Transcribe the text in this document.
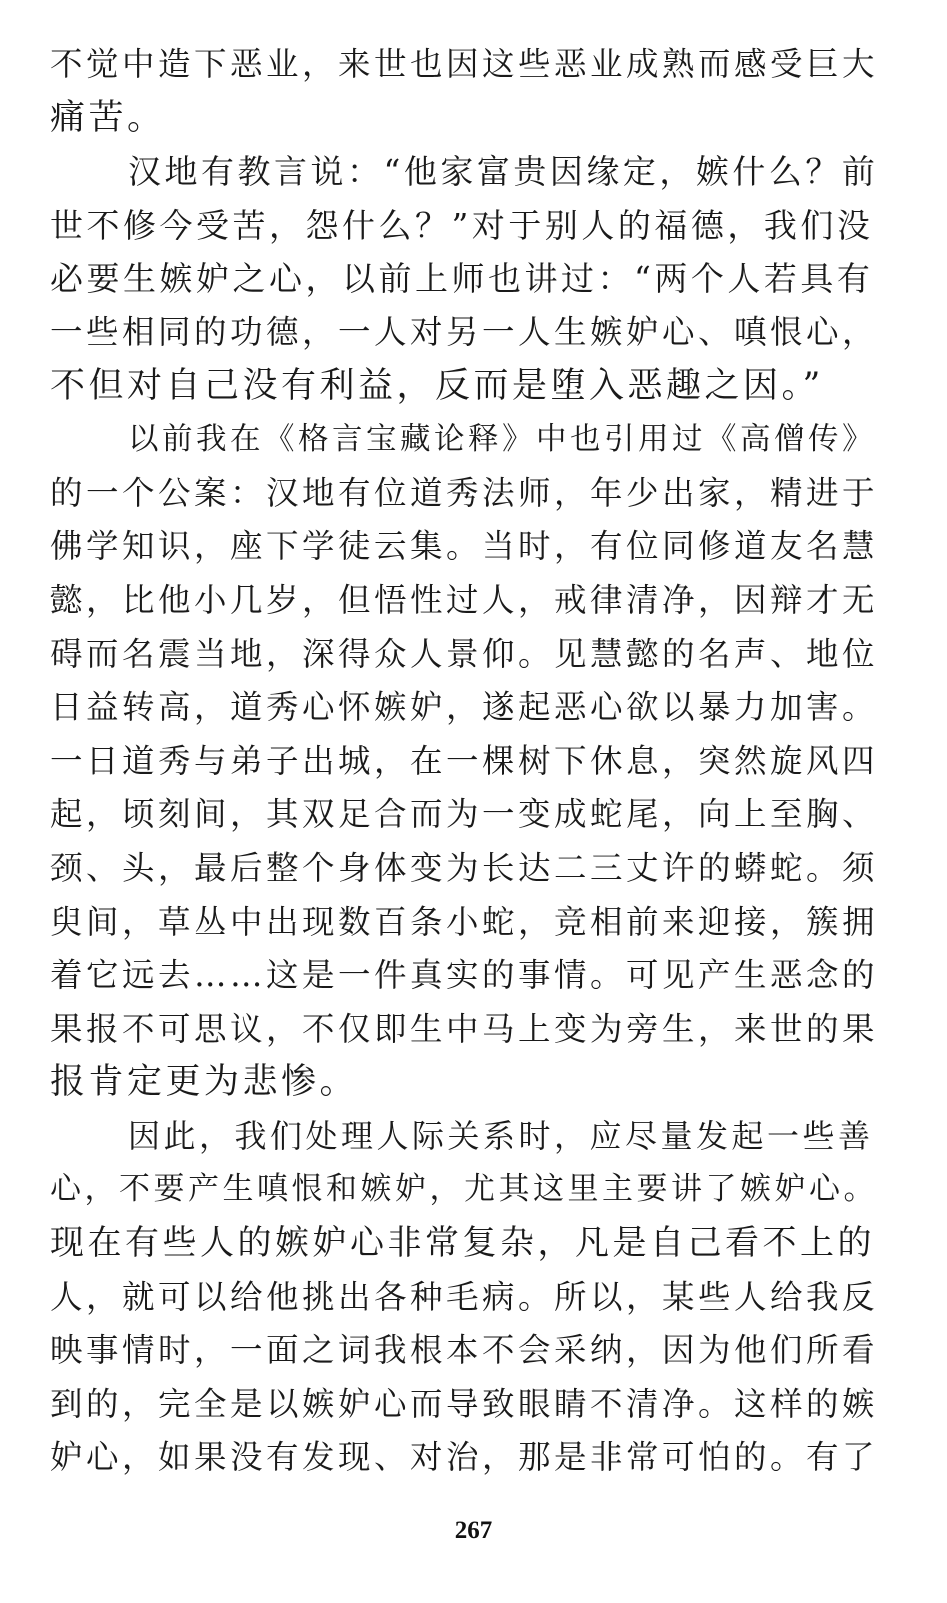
不觉中造下恶业，来世也因这些恶业成熟而感受巨大
痛苦。
汉地有教言说：“他家富贵因缘定，嫉什么？前
世不修今受苦，怨什么？”对于别人的福德，我们没
必要生嫉妒之心，以前上师也讲过：“两个人若具有
一些相同的功德，一人对另一人生嫉妒心、嗔恨心，
不但对自己没有利益，反而是堕入恶趣之因。”
以前我在《格言宝藏论释》中也引用过《高僧传》
的一个公案：汉地有位道秀法师，年少出家，精进于
佛学知识，座下学徒云集。当时，有位同修道友名慧
懿，比他小几岁，但悟性过人，戒律清净，因辩才无
碍而名震当地，深得众人景仰。见慧懿的名声、地位
日益转高，道秀心怀嫉妒，遂起恶心欲以暴力加害。
一日道秀与弟子出城，在一棵树下休息，突然旋风四
起，顷刻间，其双足合而为一变成蛇尾，向上至胸、
颈、头，最后整个身体变为长达二三丈许的蟒蛇。须
臾间，草丛中出现数百条小蛇，竞相前来迎接，簇拥
着它远去……这是一件真实的事情。可见产生恶念的
果报不可思议，不仅即生中马上变为旁生，来世的果
报肯定更为悲惨。
因此，我们处理人际关系时，应尽量发起一些善
心，不要产生嗔恨和嫉妒，尤其这里主要讲了嫉妒心。
现在有些人的嫉妒心非常复杂，凡是自己看不上的
人，就可以给他挑出各种毛病。所以，某些人给我反
映事情时，一面之词我根本不会采纳，因为他们所看
到的，完全是以嫉妒心而导致眼睛不清净。这样的嫉
妒心，如果没有发现、对治，那是非常可怕的。有了
267
